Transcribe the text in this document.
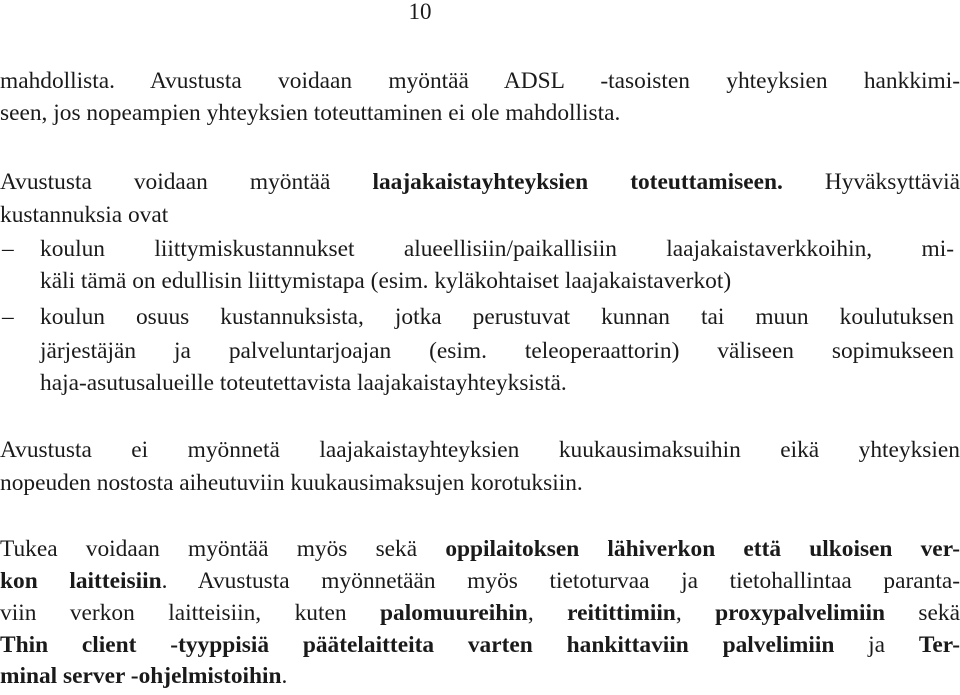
10
mahdollista. Avustusta voidaan myöntää ADSL -tasoisten yhteyksien hankkimi-
seen, jos nopeampien yhteyksien toteuttaminen ei ole mahdollista.
Avustusta voidaan myöntää laajakaistayhteyksien toteuttamiseen. Hyväksyttäviä
kustannuksia ovat
–	koulun liittymiskustannukset alueellisiin/paikallisiin laajakaistaverkkoihin, mi-
käli tämä on edullisin liittymistapa (esim. kyläkohtaiset laajakaistaverkot)
–	koulun osuus kustannuksista, jotka perustuvat kunnan tai muun koulutuksen
järjestäjän ja palveluntarjoajan (esim. teleoperaattorin) väliseen sopimukseen
haja-asutusalueille toteutettavista laajakaistayhteyksistä.
Avustusta ei myönnetä laajakaistayhteyksien kuukausimaksuihin eikä yhteyksien
nopeuden nostosta aiheutuviin kuukausimaksujen korotuksiin.
Tukea voidaan myöntää myös sekä oppilaitoksen lähiverkon että ulkoisen ver-
kon laitteisiin. Avustusta myönnetään myös tietoturvaa ja tietohallintaa paranta-
viin verkon laitteisiin, kuten palomuureihin, reitittimiin, proxypalvelimiin sekä
Thin client -tyyppisiä päätelaitteita varten hankittaviin palvelimiin ja Ter-
minal server -ohjelmistoihin.
